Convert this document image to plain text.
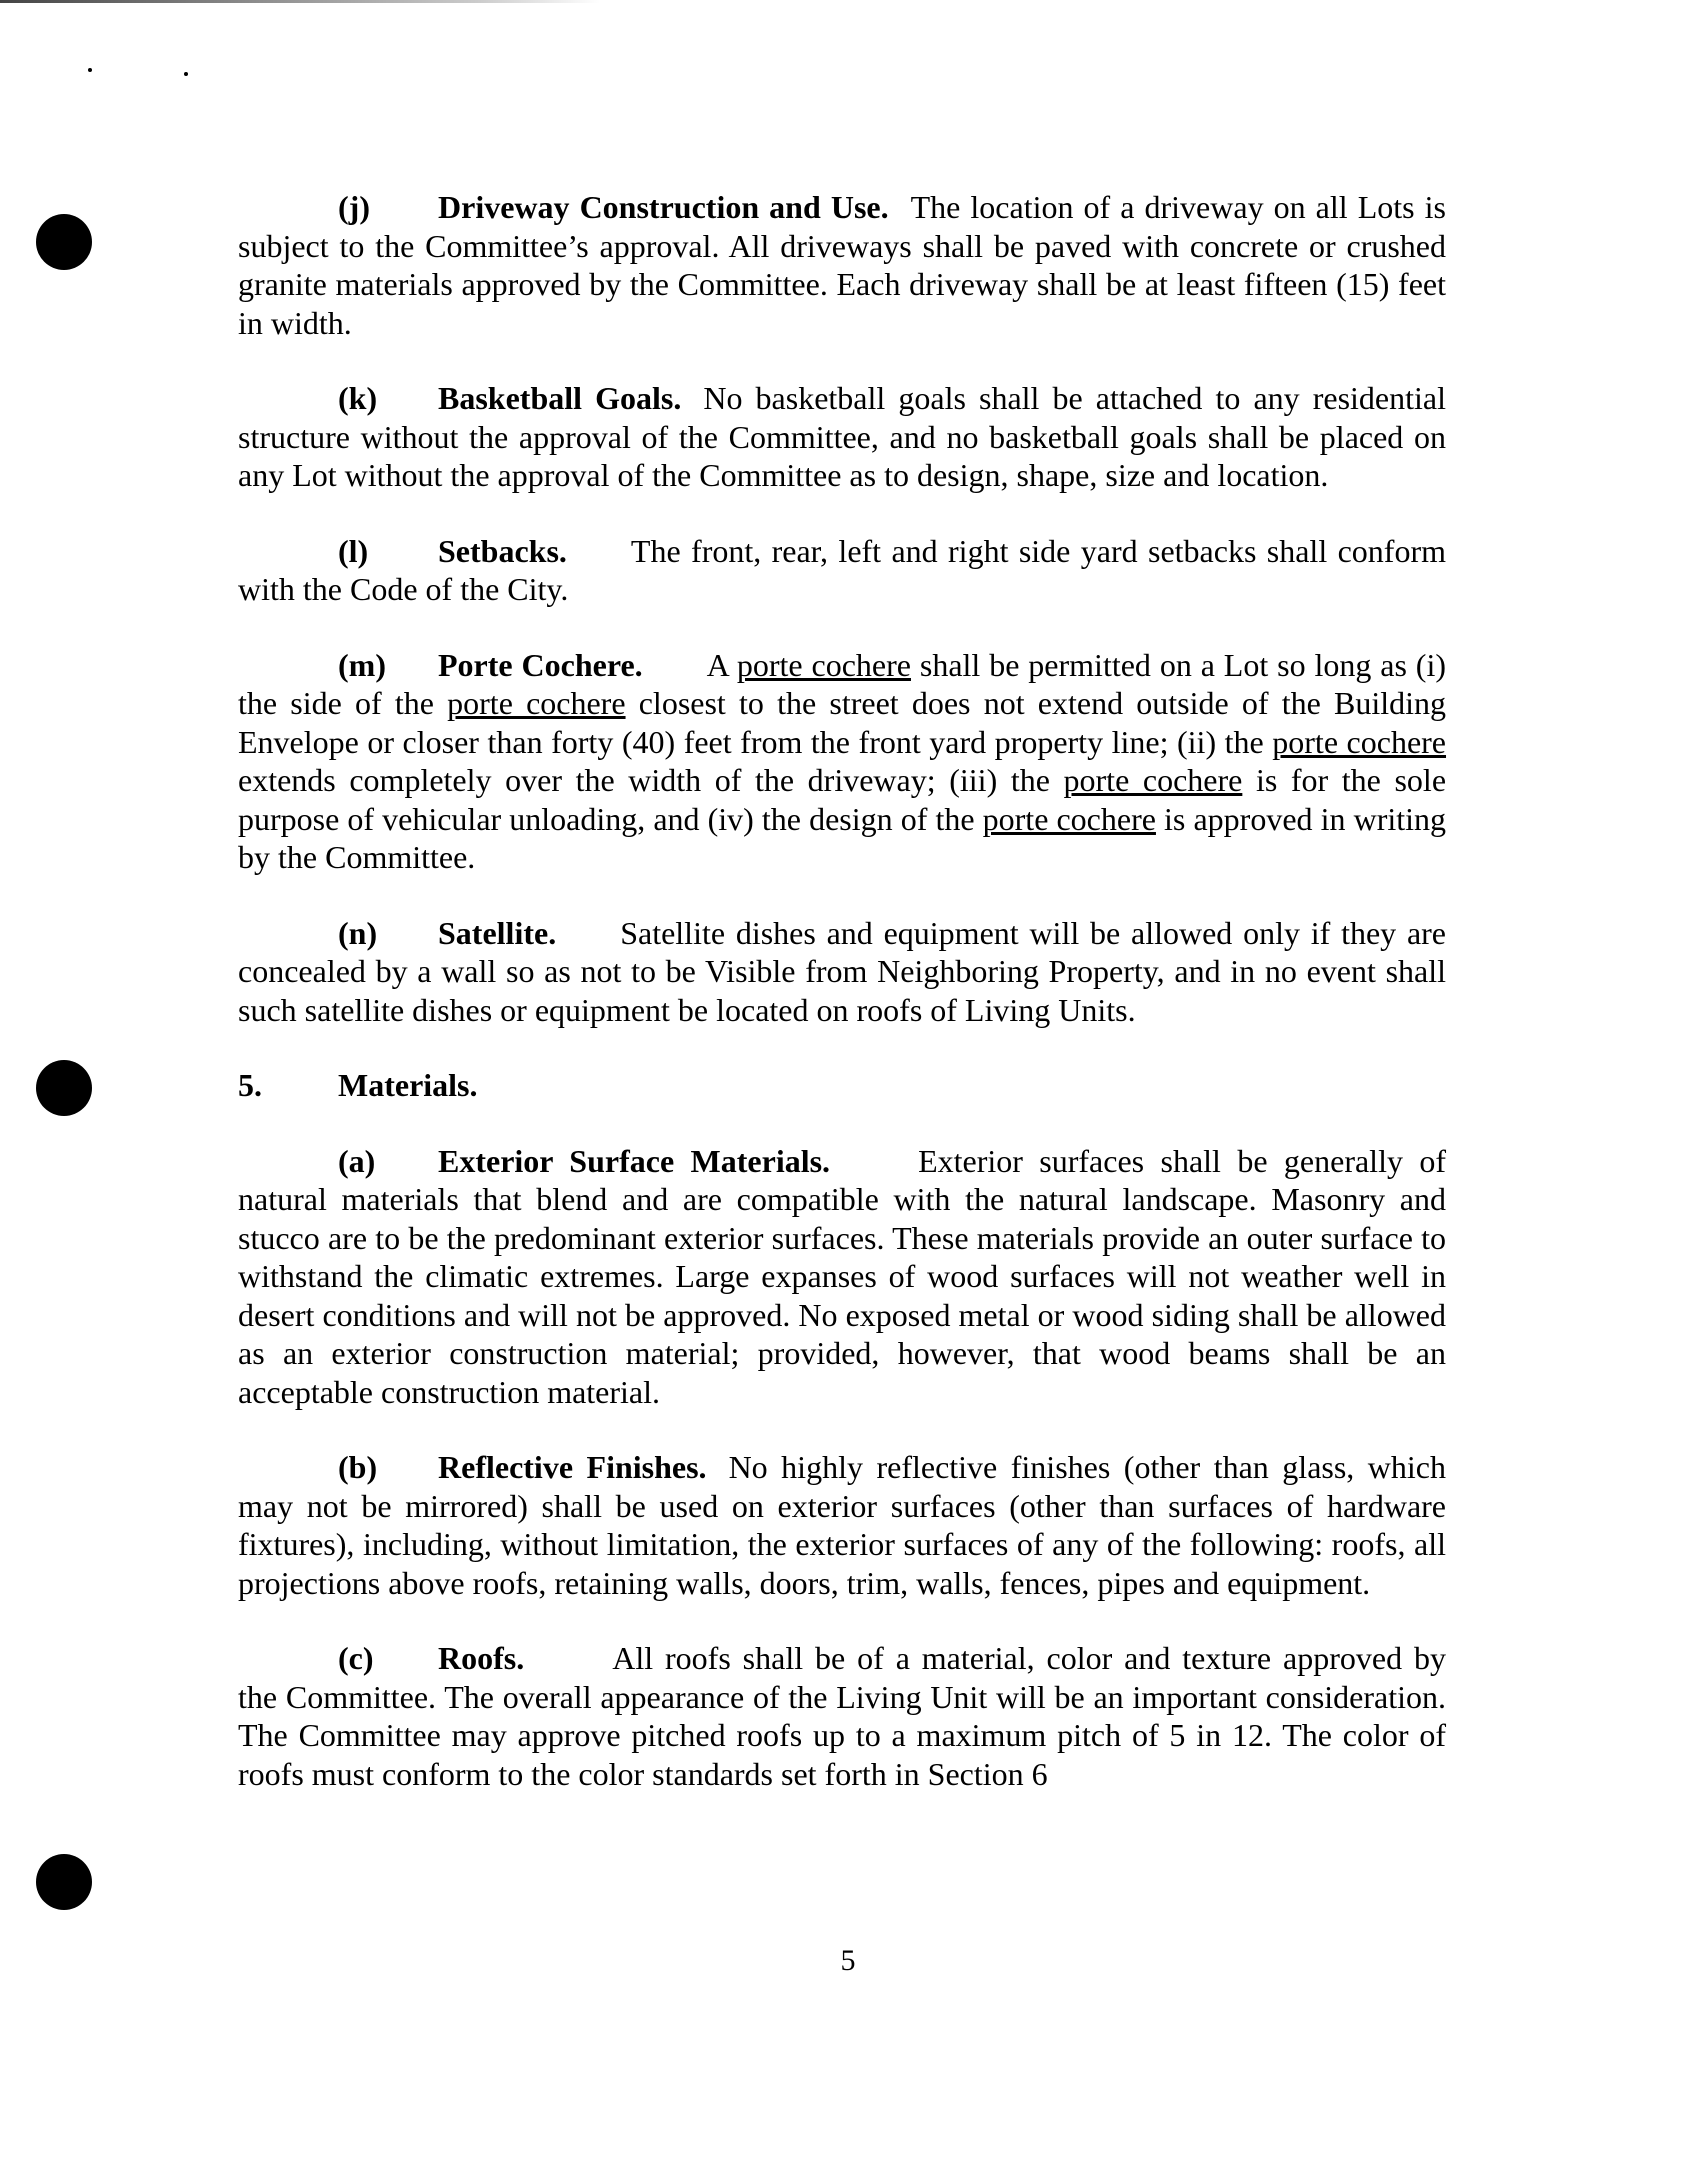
(j) Driveway Construction and Use. The location of a driveway on all Lots is subject to the Committee’s approval. All driveways shall be paved with concrete or crushed granite materials approved by the Committee. Each driveway shall be at least fifteen (15) feet in width.

(k) Basketball Goals. No basketball goals shall be attached to any residential structure without the approval of the Committee, and no basketball goals shall be placed on any Lot without the approval of the Committee as to design, shape, size and location.

(l) Setbacks. The front, rear, left and right side yard setbacks shall conform with the Code of the City.

(m) Porte Cochere. A porte cochere shall be permitted on a Lot so long as (i) the side of the porte cochere closest to the street does not extend outside of the Building Envelope or closer than forty (40) feet from the front yard property line; (ii) the porte cochere extends completely over the width of the driveway; (iii) the porte cochere is for the sole purpose of vehicular unloading, and (iv) the design of the porte cochere is approved in writing by the Committee.

(n) Satellite. Satellite dishes and equipment will be allowed only if they are concealed by a wall so as not to be Visible from Neighboring Property, and in no event shall such satellite dishes or equipment be located on roofs of Living Units.

5. Materials.

(a) Exterior Surface Materials.	Exterior surfaces shall be generally of natural materials that blend and are compatible with the natural landscape. Masonry and stucco are to be the predominant exterior surfaces. These materials provide an outer surface to withstand the climatic extremes. Large expanses of wood surfaces will not weather well in desert conditions and will not be approved. No exposed metal or wood siding shall be allowed as an exterior construction material; provided, however, that wood beams shall be an acceptable construction material.

(b) Reflective Finishes. No highly reflective finishes (other than glass, which may not be mirrored) shall be used on exterior surfaces (other than surfaces of hardware fixtures), including, without limitation, the exterior surfaces of any of the following: roofs, all projections above roofs, retaining walls, doors, trim, walls, fences, pipes and equipment.

(c) Roofs.	All roofs shall be of a material, color and texture approved by the Committee. The overall appearance of the Living Unit will be an important consideration. The Committee may approve pitched roofs up to a maximum pitch of 5 in 12. The color of roofs must conform to the color standards set forth in Section 6

5
